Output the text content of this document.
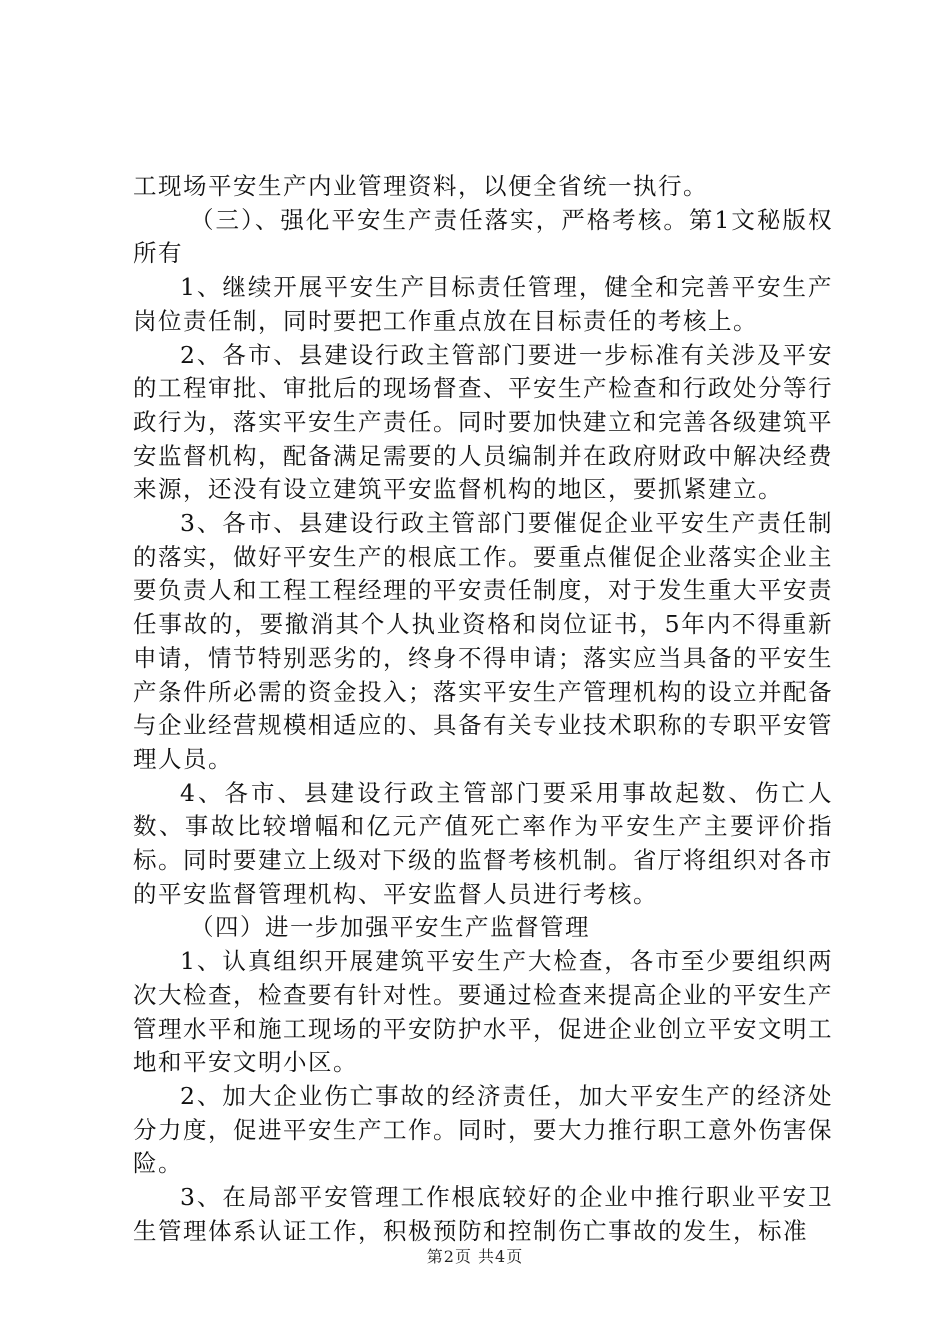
工现场平安生产内业管理资料，以便全省统一执行。

（三）、强化平安生产责任落实，严格考核。第1文秘版权所有

1、继续开展平安生产目标责任管理，健全和完善平安生产岗位责任制，同时要把工作重点放在目标责任的考核上。

2、各市、县建设行政主管部门要进一步标准有关涉及平安的工程审批、审批后的现场督查、平安生产检查和行政处分等行政行为，落实平安生产责任。同时要加快建立和完善各级建筑平安监督机构，配备满足需要的人员编制并在政府财政中解决经费来源，还没有设立建筑平安监督机构的地区，要抓紧建立。

3、各市、县建设行政主管部门要催促企业平安生产责任制的落实，做好平安生产的根底工作。要重点催促企业落实企业主要负责人和工程工程经理的平安责任制度，对于发生重大平安责任事故的，要撤消其个人执业资格和岗位证书，5年内不得重新申请，情节特别恶劣的，终身不得申请；落实应当具备的平安生产条件所必需的资金投入；落实平安生产管理机构的设立并配备与企业经营规模相适应的、具备有关专业技术职称的专职平安管理人员。

4、各市、县建设行政主管部门要采用事故起数、伤亡人数、事故比较增幅和亿元产值死亡率作为平安生产主要评价指标。同时要建立上级对下级的监督考核机制。省厅将组织对各市的平安监督管理机构、平安监督人员进行考核。

（四）进一步加强平安生产监督管理

1、认真组织开展建筑平安生产大检查，各市至少要组织两次大检查，检查要有针对性。要通过检查来提高企业的平安生产管理水平和施工现场的平安防护水平，促进企业创立平安文明工地和平安文明小区。

2、加大企业伤亡事故的经济责任，加大平安生产的经济处分力度，促进平安生产工作。同时，要大力推行职工意外伤害保险。

3、在局部平安管理工作根底较好的企业中推行职业平安卫生管理体系认证工作，积极预防和控制伤亡事故的发生，标准

第2页 共4页
